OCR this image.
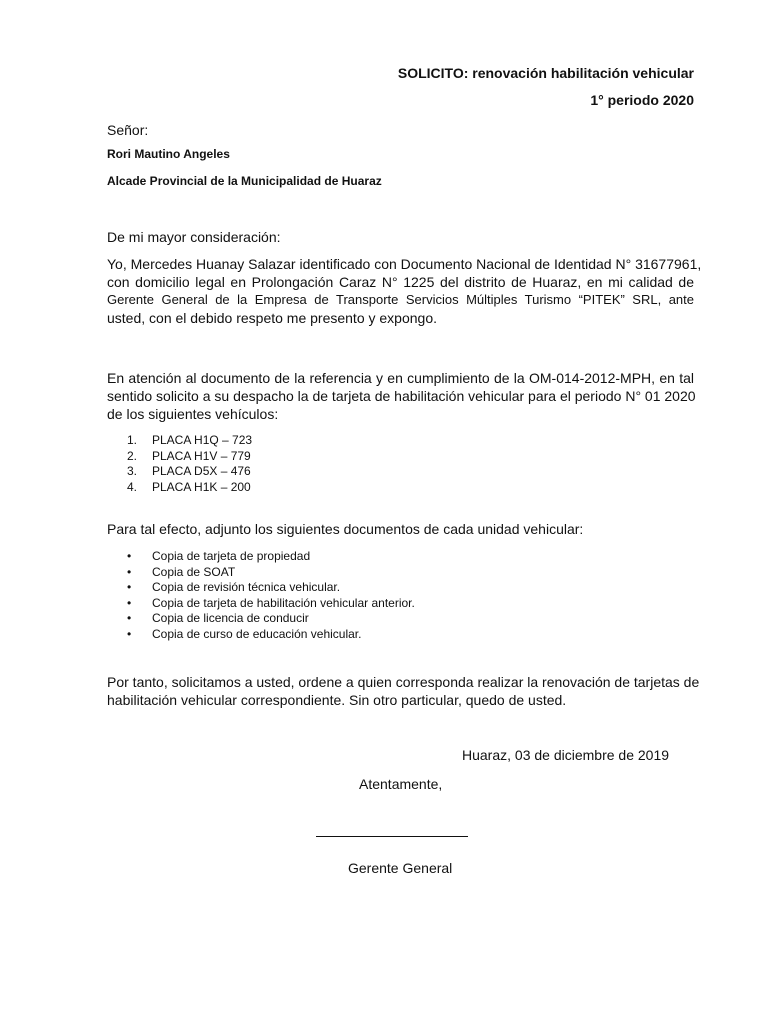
SOLICITO: renovación habilitación vehicular
1° periodo 2020
Señor:
Rori Mautino Angeles
Alcade Provincial de la Municipalidad de Huaraz
De mi mayor consideración:
Yo, Mercedes Huanay Salazar identificado con Documento Nacional de Identidad N° 31677961,
con domicilio legal en Prolongación Caraz N° 1225 del distrito de Huaraz, en mi calidad de
Gerente General de la Empresa de Transporte Servicios Múltiples Turismo “PITEK” SRL, ante
usted, con el debido respeto me presento y expongo.
En atención al documento de la referencia y en cumplimiento de la OM-014-2012-MPH, en tal
sentido solicito a su despacho la de tarjeta de habilitación vehicular para el periodo N° 01 2020
de los siguientes vehículos:
1. PLACA H1Q – 723
2. PLACA H1V – 779
3. PLACA D5X – 476
4. PLACA H1K – 200
Para tal efecto, adjunto los siguientes documentos de cada unidad vehicular:
• Copia de tarjeta de propiedad
• Copia de SOAT
• Copia de revisión técnica vehicular.
• Copia de tarjeta de habilitación vehicular anterior.
• Copia de licencia de conducir
• Copia de curso de educación vehicular.
Por tanto, solicitamos a usted, ordene a quien corresponda realizar la renovación de tarjetas de
habilitación vehicular correspondiente. Sin otro particular, quedo de usted.
Huaraz, 03 de diciembre de 2019
Atentamente,
Gerente General
